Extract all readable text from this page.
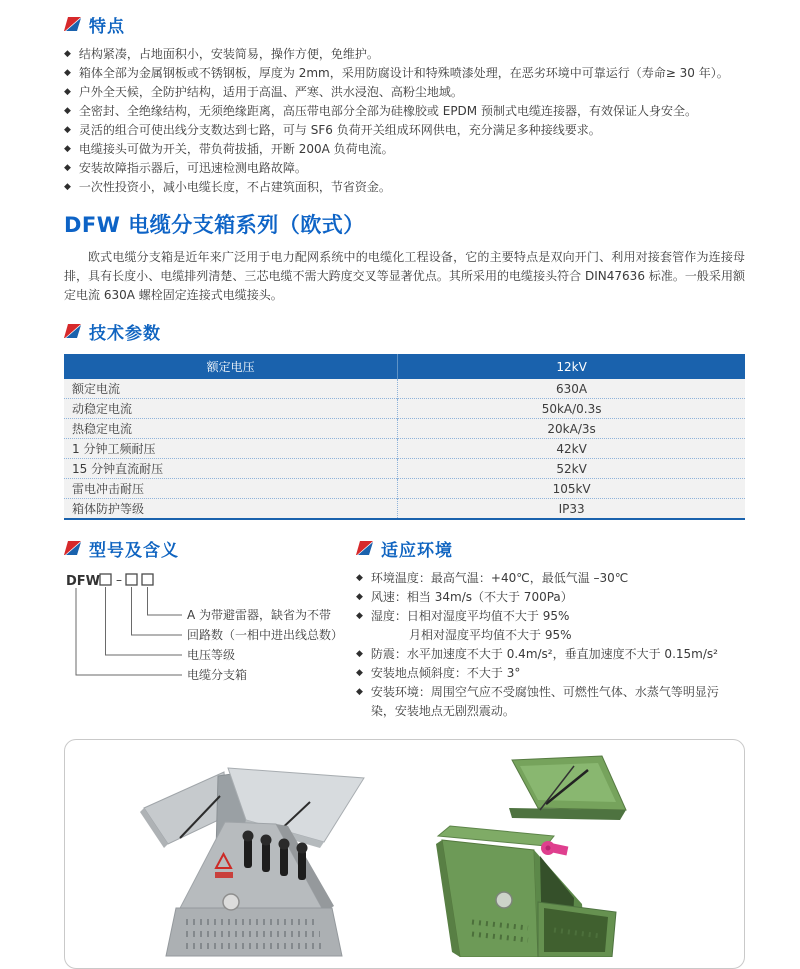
特点
◆ 结构紧凑，占地面积小，安装简易，操作方便，免维护。
◆ 箱体全部为金属钢板或不锈钢板，厚度为 2mm，采用防腐设计和特殊喷漆处理，在恶劣环境中可靠运行（寿命≥ 30 年）。
◆ 户外全天候，全防护结构，适用于高温、严寒、洪水浸泡、高粉尘地域。
◆ 全密封、全绝缘结构，无须绝缘距离，高压带电部分全部为硅橡胶或 EPDM 预制式电缆连接器，有效保证人身安全。
◆ 灵活的组合可使出线分支数达到七路，可与 SF6 负荷开关组成环网供电，充分满足多种接线要求。
◆ 电缆接头可做为开关，带负荷拔插，开断 200A 负荷电流。
◆ 安装故障指示器后，可迅速检测电路故障。
◆ 一次性投资小，减小电缆长度，不占建筑面积，节省资金。
DFW 电缆分支箱系列（欧式）

欧式电缆分支箱是近年来广泛用于电力配网系统中的电缆化工程设备，它的主要特点是双向开门、利用对接套管作为连接母排，具有长度小、电缆排列清楚、三芯电缆不需大跨度交叉等显著优点。其所采用的电缆接头符合 DIN47636 标准。一般采用额定电流 630A 螺栓固定连接式电缆接头。

技术参数
额定电压	12kV
额定电流	630A
动稳定电流	50kA/0.3s
热稳定电流	20kA/3s
1 分钟工频耐压	42kV
15 分钟直流耐压	52kV
雷电冲击耐压	105kV
箱体防护等级	IP33
型号及含义
DFW –
A 为带避雷器，缺省为不带
回路数（一相中进出线总数）
电压等级
电缆分支箱
适应环境
◆ 环境温度：最高气温：+40℃，最低气温 –30℃
◆ 风速：相当 34m/s（不大于 700Pa）
◆ 湿度：日相对湿度平均值不大于 95%
月相对湿度平均值不大于 95%
◆ 防震：水平加速度不大于 0.4m/s²，垂直加速度不大于 0.15m/s²
◆ 安装地点倾斜度：不大于 3°
◆ 安装环境：周围空气应不受腐蚀性、可燃性气体、水蒸气等明显污染，安装地点无剧烈震动。
